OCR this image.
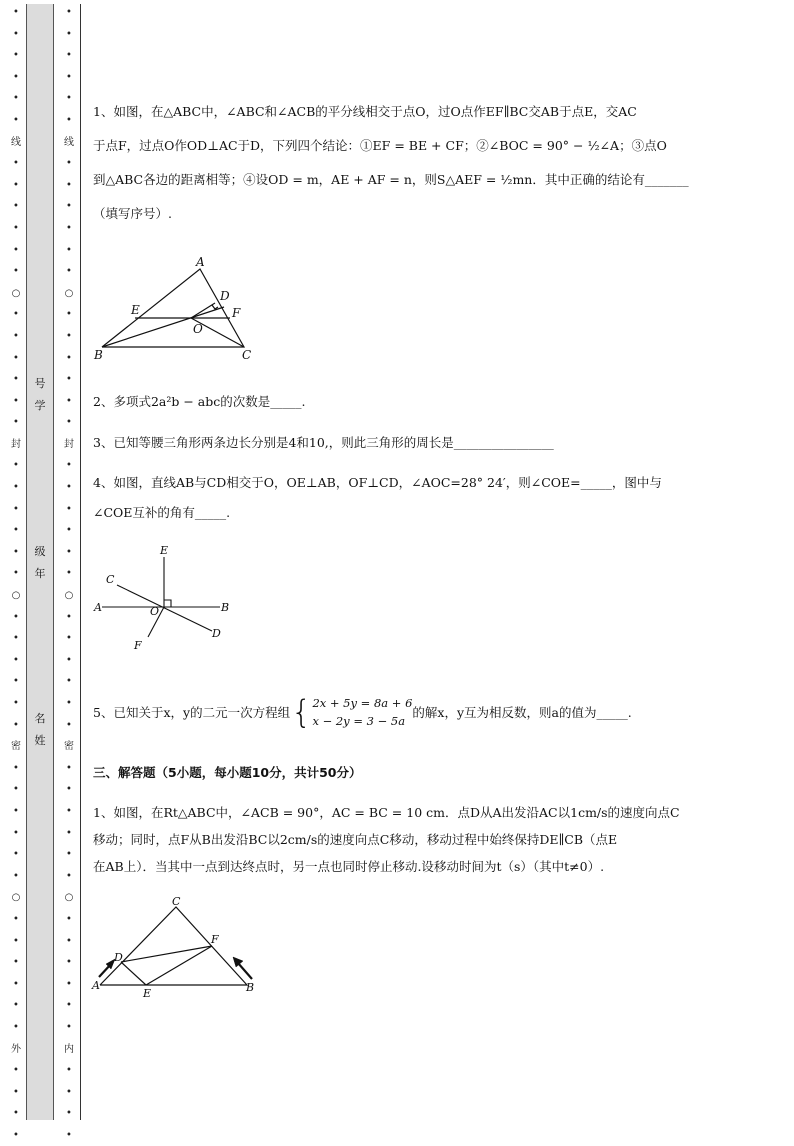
•
•
•
•
•
•
线
•
•
•
•
•
•
○
•
•
•
•
•
•
封
•
•
•
•
•
•
○
•
•
•
•
•
•
密
•
•
•
•
•
•
○
•
•
•
•
•
•
外
•
•
•
•
号
学
级
年
名
姓
•
•
•
•
•
•
线
•
•
•
•
•
•
○
•
•
•
•
•
•
封
•
•
•
•
•
•
○
•
•
•
•
•
•
密
•
•
•
•
•
•
○
•
•
•
•
•
•
内
•
•
•
•
1、如图，在△ABC中，∠ABC和∠ACB的平分线相交于点O，过O点作EF∥BC交AB于点E，交AC
于点F，过点O作OD⊥AC于D，下列四个结论：①EF = BE + CF；②∠BOC = 90° − ½∠A；③点O
到△ABC各边的距离相等；④设OD = m，AE + AF = n，则S△AEF = ½mn．其中正确的结论有_______
（填写序号）.
A
B	C
D
E	F
O
2、多项式2a²b − abc的次数是_____.
3、已知等腰三角形两条边长分别是4和10,，则此三角形的周长是________________
4、如图，直线AB与CD相交于O，OE⊥AB，OF⊥CD，∠AOC=28° 24′，则∠COE=_____，图中与
∠COE互补的角有_____.
E
C
A	O	B
D
F
5、已知关于x，y的二元一次方程组 { 2x + 5y = 8a + 6
x − 2y = 3 − 5a
的解x，y互为相反数，则a的值为_____.
三、解答题（5小题，每小题10分，共计50分）
1、如图，在Rt△ABC中，∠ACB = 90°，AC = BC = 10 cm．点D从A出发沿AC以1cm/s的速度向点C
移动；同时，点F从B出发沿BC以2cm/s的速度向点C移动，移动过程中始终保持DE∥CB（点E
在AB上）．当其中一点到达终点时，另一点也同时停止移动.设移动时间为t（s）（其中t≠0）.
C
D
F
A
E	B
